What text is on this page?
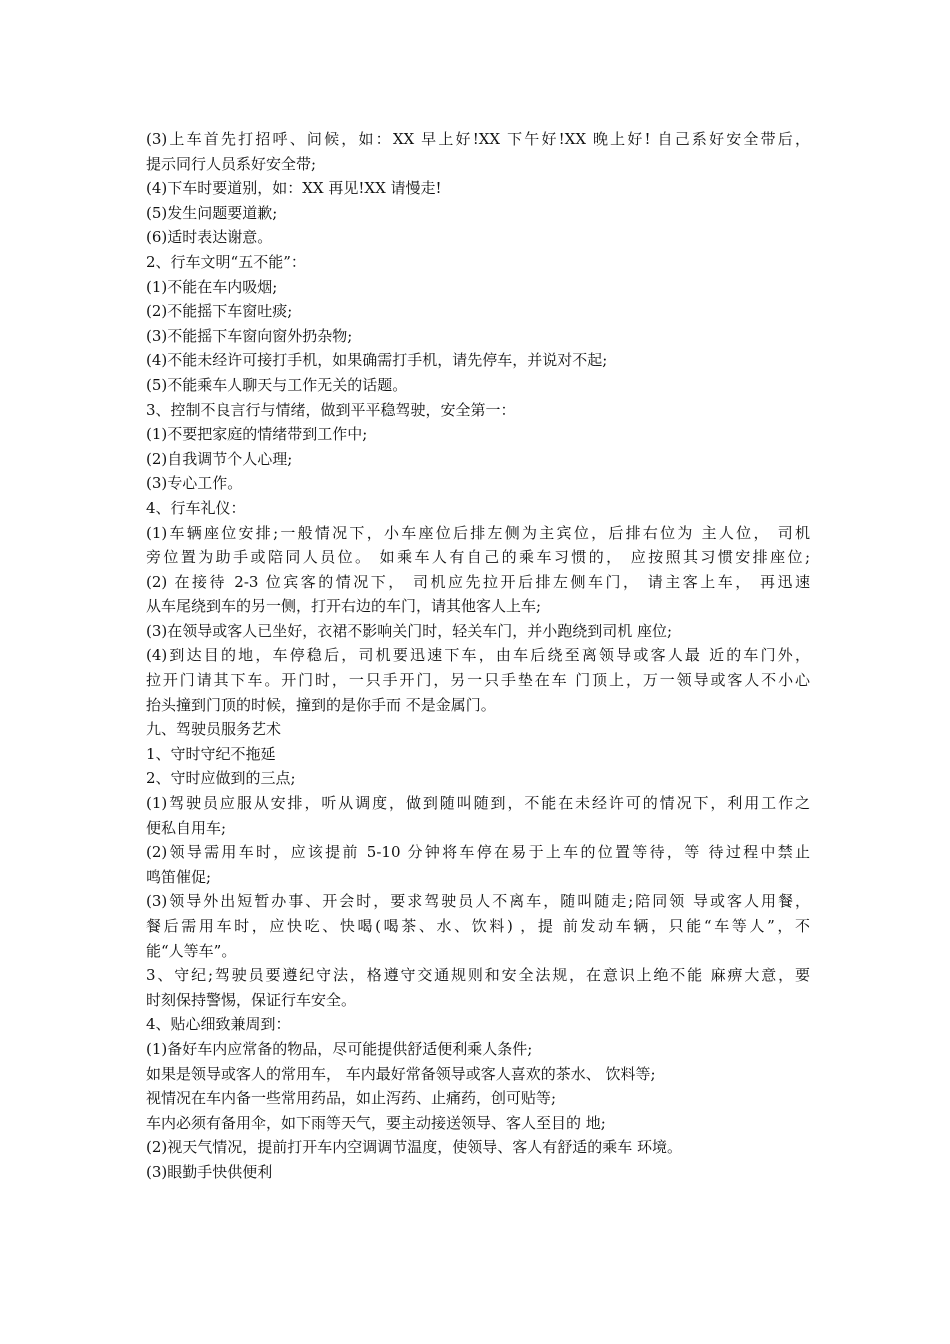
(3)上车首先打招呼、问候，如：XX 早上好!XX 下午好!XX 晚上好! 自己系好安全带后，
提示同行人员系好安全带;
(4)下车时要道别，如：XX 再见!XX 请慢走!
(5)发生问题要道歉;
(6)适时表达谢意。
2、行车文明“五不能”：
(1)不能在车内吸烟;
(2)不能摇下车窗吐痰;
(3)不能摇下车窗向窗外扔杂物;
(4)不能未经许可接打手机，如果确需打手机，请先停车，并说对不起;
(5)不能乘车人聊天与工作无关的话题。
3、控制不良言行与情绪，做到平平稳驾驶，安全第一：
(1)不要把家庭的情绪带到工作中;
(2)自我调节个人心理;
(3)专心工作。
4、行车礼仪：
(1)车辆座位安排;一般情况下，小车座位后排左侧为主宾位，后排右位为 主人位， 司机
旁位置为助手或陪同人员位。 如乘车人有自己的乘车习惯的， 应按照其习惯安排座位;
(2) 在接待 2-3 位宾客的情况下， 司机应先拉开后排左侧车门， 请主客上车， 再迅速
从车尾绕到车的另一侧，打开右边的车门，请其他客人上车;
(3)在领导或客人已坐好，衣裙不影响关门时，轻关车门，并小跑绕到司机 座位;
(4)到达目的地，车停稳后，司机要迅速下车，由车后绕至离领导或客人最 近的车门外，
拉开门请其下车。开门时，一只手开门，另一只手垫在车 门顶上，万一领导或客人不小心
抬头撞到门顶的时候，撞到的是你手而 不是金属门。
九、驾驶员服务艺术
1、守时守纪不拖延
2、守时应做到的三点;
(1)驾驶员应服从安排，听从调度，做到随叫随到，不能在未经许可的情况下，利用工作之
便私自用车;
(2)领导需用车时，应该提前 5-10 分钟将车停在易于上车的位置等待，等 待过程中禁止
鸣笛催促;
(3)领导外出短暂办事、开会时，要求驾驶员人不离车，随叫随走;陪同领 导或客人用餐，
餐后需用车时，应快吃、快喝(喝茶、水、饮料) ，提 前发动车辆，只能“车等人”，不
能“人等车”。
3、守纪;驾驶员要遵纪守法，格遵守交通规则和安全法规，在意识上绝不能 麻痹大意，要
时刻保持警惕，保证行车安全。
4、贴心细致兼周到：
(1)备好车内应常备的物品，尽可能提供舒适便利乘人条件;
如果是领导或客人的常用车， 车内最好常备领导或客人喜欢的茶水、 饮料等;
视情况在车内备一些常用药品，如止泻药、止痛药，创可贴等;
车内必须有备用伞，如下雨等天气，要主动接送领导、客人至目的 地;
(2)视天气情况，提前打开车内空调调节温度，使领导、客人有舒适的乘车 环境。
(3)眼勤手快供便利
